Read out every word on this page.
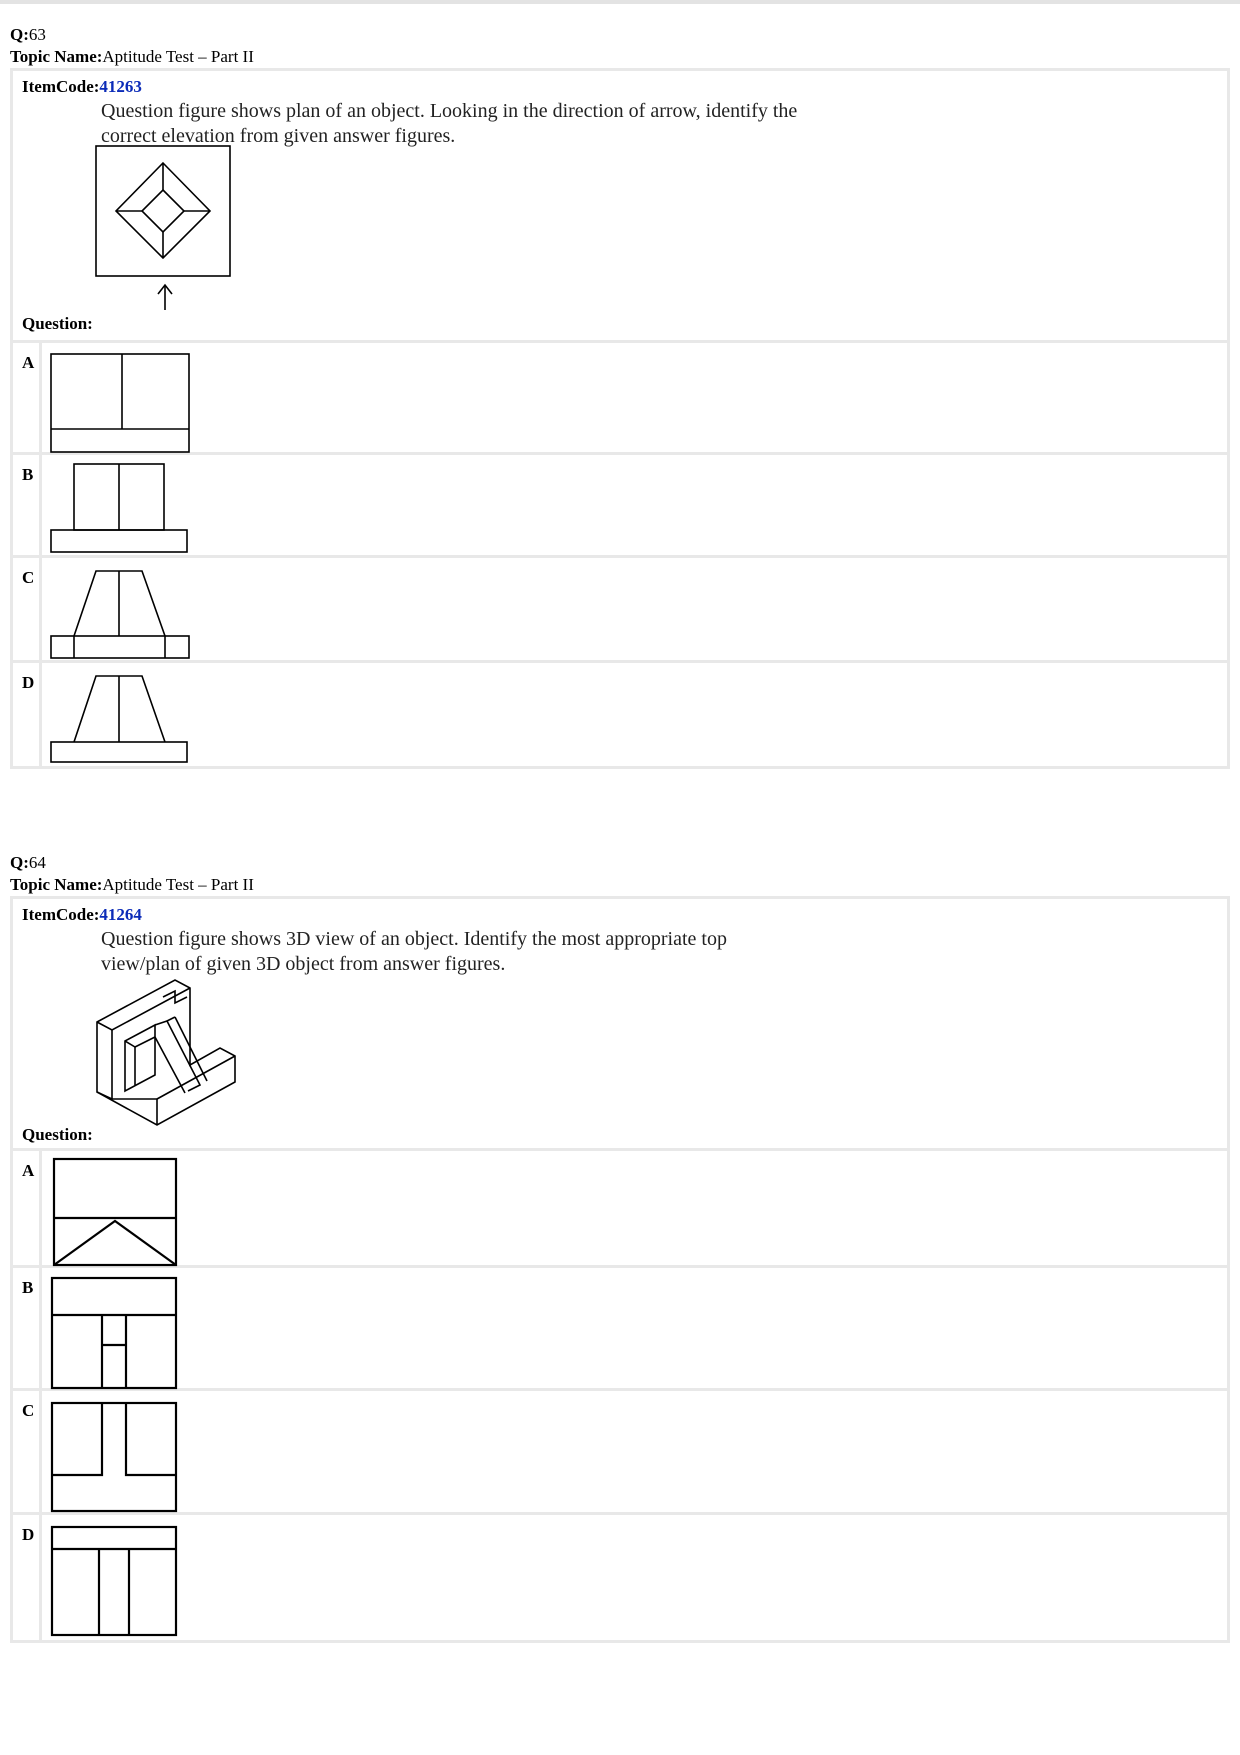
Q:63
Topic Name:Aptitude Test – Part II
ItemCode:41263
Question figure shows plan of an object. Looking in the direction of arrow, identify the correct elevation from given answer figures.
Question:
A
B
C
D
Q:64
Topic Name:Aptitude Test – Part II
ItemCode:41264
Question figure shows 3D view of an object. Identify the most appropriate top view/plan of given 3D object from answer figures.
Question:
A
B
C
D
